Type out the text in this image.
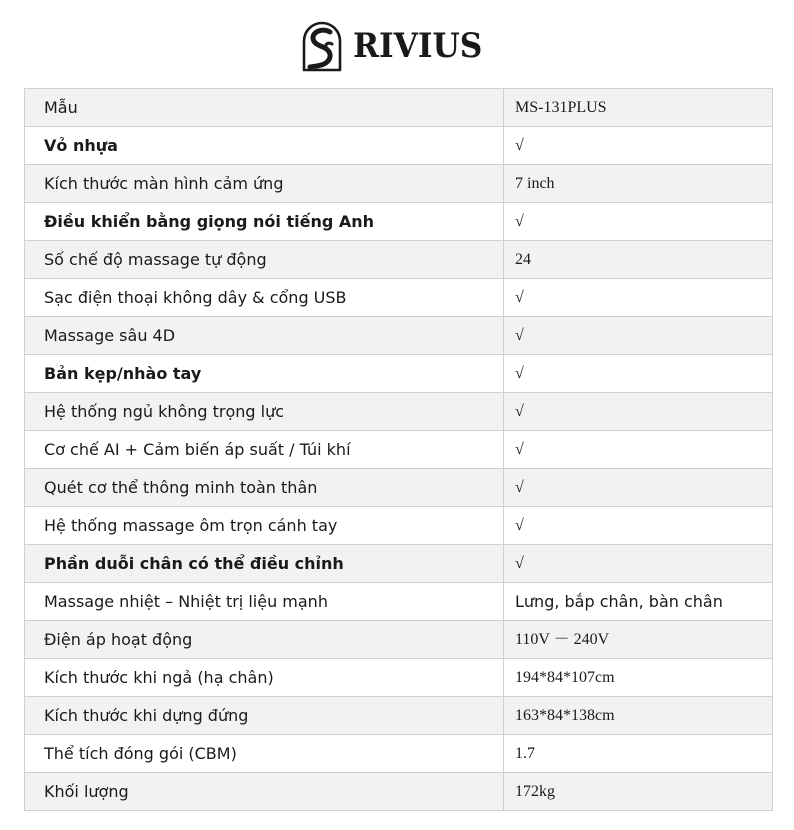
RIVIUS
Mẫu	MS-131PLUS
Vỏ nhựa	√
Kích thước màn hình cảm ứng	7 inch
Điều khiển bằng giọng nói tiếng Anh	√
Số chế độ massage tự động	24
Sạc điện thoại không dây & cổng USB	√
Massage sâu 4D	√
Bản kẹp/nhào tay	√
Hệ thống ngủ không trọng lực	√
Cơ chế AI + Cảm biến áp suất / Túi khí	√
Quét cơ thể thông minh toàn thân	√
Hệ thống massage ôm trọn cánh tay	√
Phần duỗi chân có thể điều chỉnh	√
Massage nhiệt – Nhiệt trị liệu mạnh	Lưng, bắp chân, bàn chân
Điện áp hoạt động	110V － 240V
Kích thước khi ngả (hạ chân)	194*84*107cm
Kích thước khi dựng đứng	163*84*138cm
Thể tích đóng gói (CBM)	1.7
Khối lượng	172kg
